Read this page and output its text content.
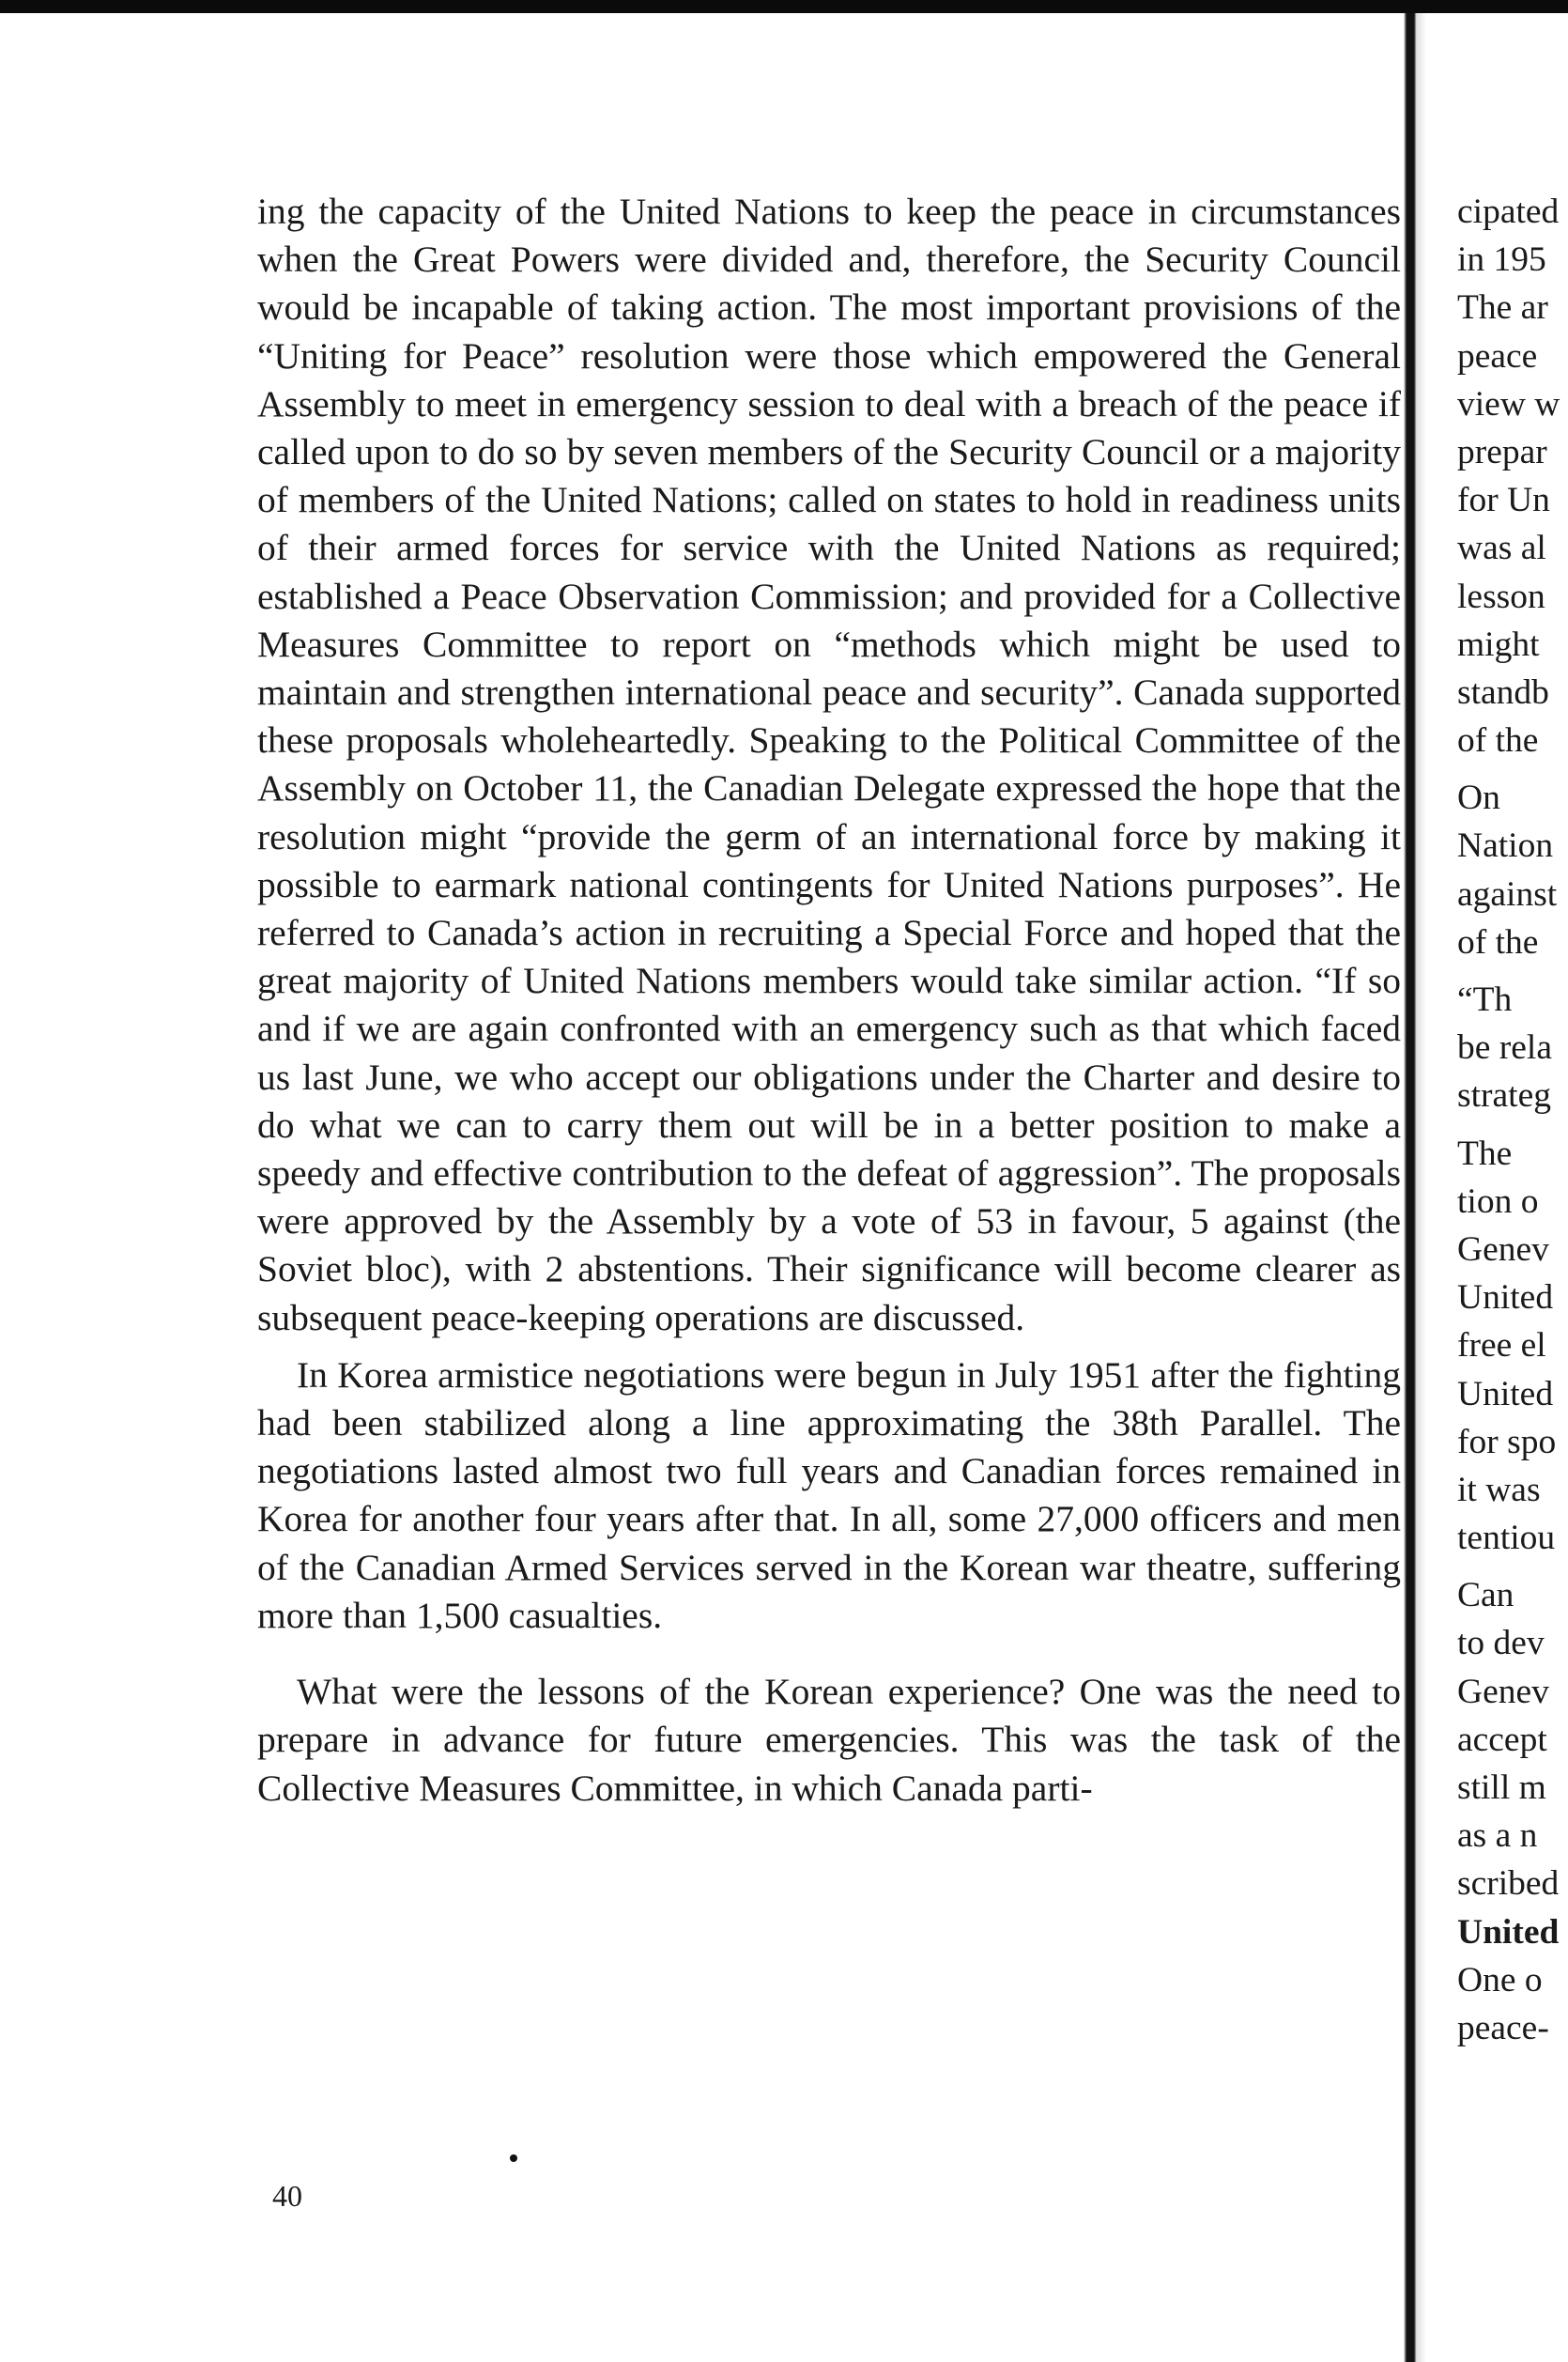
ing the capacity of the United Nations to keep the peace in circumstances when the Great Powers were divided and, therefore, the Security Council would be incapable of taking action. The most important provisions of the “Uniting for Peace” resolution were those which empowered the General Assembly to meet in emergency session to deal with a breach of the peace if called upon to do so by seven members of the Security Council or a majority of members of the United Nations; called on states to hold in readiness units of their armed forces for service with the United Nations as required; established a Peace Observation Commission; and provided for a Collective Measures Committee to report on “methods which might be used to maintain and strengthen international peace and security”. Canada supported these proposals wholeheartedly. Speaking to the Political Committee of the Assembly on October 11, the Canadian Delegate expressed the hope that the resolution might “provide the germ of an international force by making it possible to earmark national contingents for United Nations purposes”. He referred to Canada’s action in recruiting a Special Force and hoped that the great majority of United Nations members would take similar action. “If so and if we are again confronted with an emergency such as that which faced us last June, we who accept our obligations under the Charter and desire to do what we can to carry them out will be in a better position to make a speedy and effective contribution to the defeat of aggression”. The proposals were approved by the Assembly by a vote of 53 in favour, 5 against (the Soviet bloc), with 2 abstentions. Their significance will become clearer as subsequent peace-keeping operations are discussed.

In Korea armistice negotiations were begun in July 1951 after the fighting had been stabilized along a line approximating the 38th Parallel. The negotiations lasted almost two full years and Canadian forces remained in Korea for another four years after that. In all, some 27,000 officers and men of the Canadian Armed Services served in the Korean war theatre, suffering more than 1,500 casualties.

What were the lessons of the Korean experience? One was the need to prepare in advance for future emergencies. This was the task of the Collective Measures Committee, in which Canada parti-

cipated
in 195
The ar
peace
view w
prepar
for Un
was al
lesson
might
standb
of the
On
Nation
against
of the
“Th
be rela
strateg
The
tion o
Genev
United
free el
United
for spo
it was
tentiou
Can
to dev
Genev
accept
still m
as a n
scribed
United
One o
peace-
40
